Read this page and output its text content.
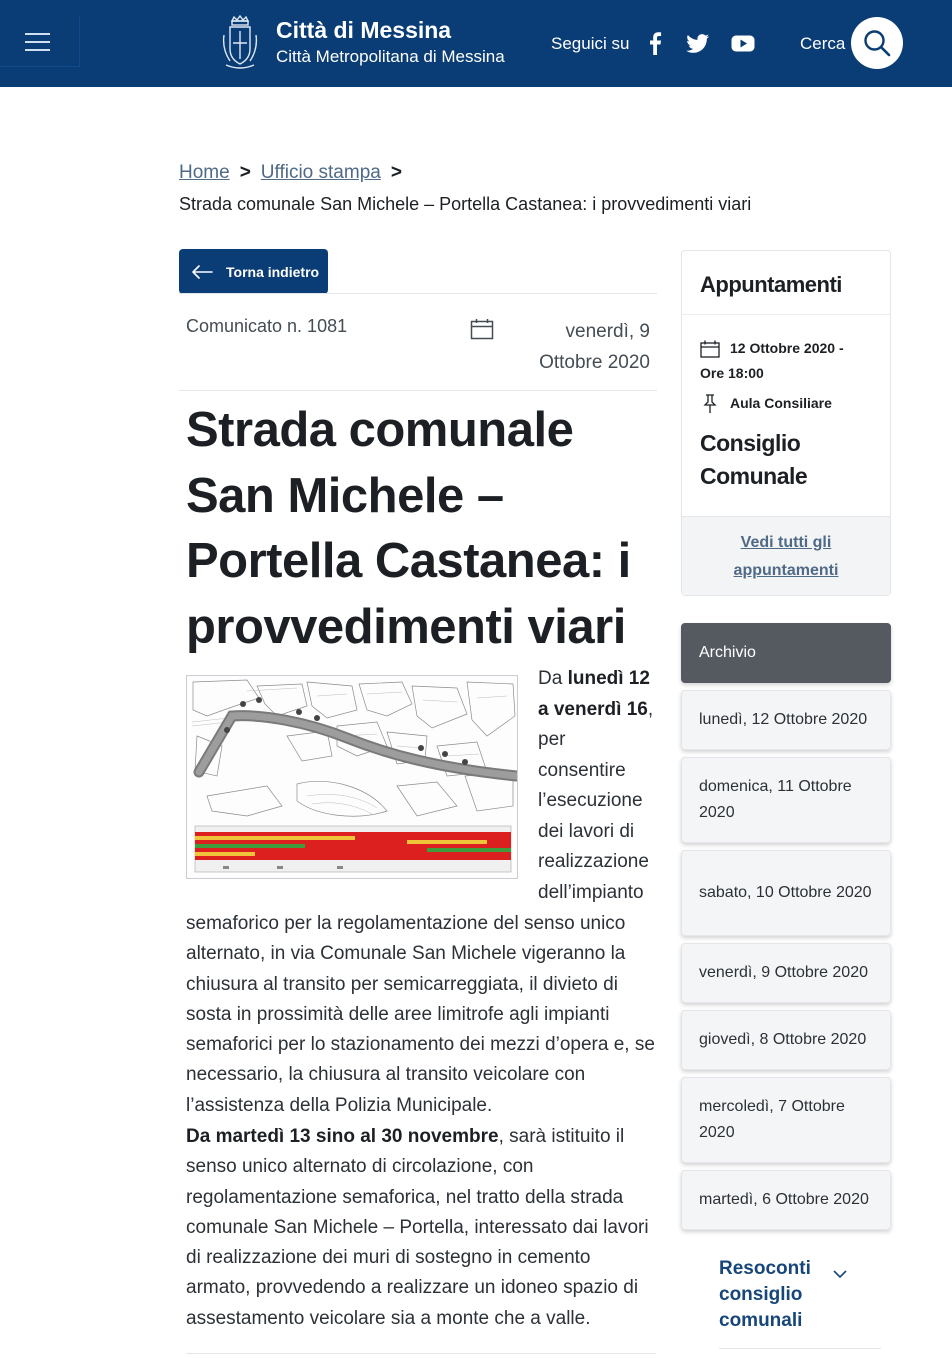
Città di Messina
Città Metropolitana di Messina
Seguici su	Cerca
Home > Ufficio stampa >
Strada comunale San Michele – Portella Castanea: i provvedimenti viari
Torna indietro
Comunicato n. 1081	venerdì, 9 Ottobre 2020
Strada comunale San Michele – Portella Castanea: i provvedimenti viari
Da lunedì 12 a venerdì 16, per consentire l’esecuzione dei lavori di realizzazione dell’impianto
semaforico per la regolamentazione del senso unico alternato, in via Comunale San Michele vigeranno la chiusura al transito per semicarreggiata, il divieto di sosta in prossimità delle aree limitrofe agli impianti semaforici per lo stazionamento dei mezzi d’opera e, se necessario, la chiusura al transito veicolare con l’assistenza della Polizia Municipale.
Da martedì 13 sino al 30 novembre, sarà istituito il senso unico alternato di circolazione, con regolamentazione semaforica, nel tratto della strada comunale San Michele – Portella, interessato dai lavori di realizzazione dei muri di sostegno in cemento armato, provvedendo a realizzare un idoneo spazio di assestamento veicolare sia a monte che a valle.
Appuntamenti
12 Ottobre 2020 -
Ore 18:00
Aula Consiliare
Consiglio Comunale
Vedi tutti gli appuntamenti
Archivio
lunedì, 12 Ottobre 2020
domenica, 11 Ottobre 2020
sabato, 10 Ottobre 2020
venerdì, 9 Ottobre 2020
giovedì, 8 Ottobre 2020
mercoledì, 7 Ottobre 2020
martedì, 6 Ottobre 2020
Resoconti consiglio comunali
